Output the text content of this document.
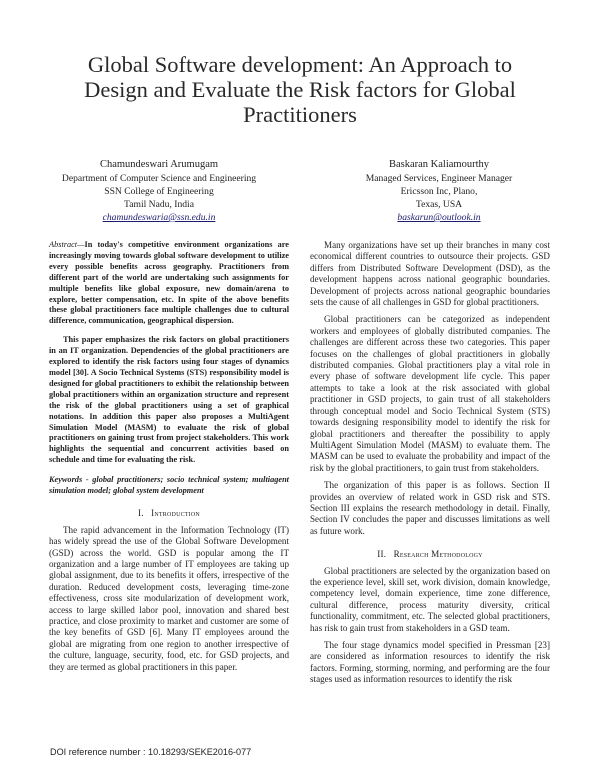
Global Software development: An Approach to
Design and Evaluate the Risk factors for Global
Practitioners
Chamundeswari Arumugam
Department of Computer Science and Engineering
SSN College of Engineering
Tamil Nadu, India
chamundeswaria@ssn.edu.in
Baskaran Kaliamourthy
Managed Services, Engineer Manager
Ericsson Inc, Plano,
Texas, USA
baskarun@outlook.in

Abstract—In today's competitive environment organizations are increasingly moving towards global software development to utilize every possible benefits across geography. Practitioners from different part of the world are undertaking such assignments for multiple benefits like global exposure, new domain/arena to explore, better compensation, etc. In spite of the above benefits these global practitioners face multiple challenges due to cultural difference, communication, geographical dispersion.

This paper emphasizes the risk factors on global practitioners in an IT organization. Dependencies of the global practitioners are explored to identify the risk factors using four stages of dynamics model [30]. A Socio Technical Systems (STS) responsibility model is designed for global practitioners to exhibit the relationship between global practitioners within an organization structure and represent the risk of the global practitioners using a set of graphical notations. In addition this paper also proposes a MultiAgent Simulation Model (MASM) to evaluate the risk of global practitioners on gaining trust from project stakeholders. This work highlights the sequential and concurrent activities based on schedule and time for evaluating the risk.

Keywords - global practitioners; socio technical system; multiagent simulation model; global system development

I. Introduction

The rapid advancement in the Information Technology (IT) has widely spread the use of the Global Software Development (GSD) across the world. GSD is popular among the IT organization and a large number of IT employees are taking up global assignment, due to its benefits it offers, irrespective of the duration. Reduced development costs, leveraging time-zone effectiveness, cross site modularization of development work, access to large skilled labor pool, innovation and shared best practice, and close proximity to market and customer are some of the key benefits of GSD [6]. Many IT employees around the global are migrating from one region to another irrespective of the culture, language, security, food, etc. for GSD projects, and they are termed as global practitioners in this paper.

Many organizations have set up their branches in many cost economical different countries to outsource their projects. GSD differs from Distributed Software Development (DSD), as the development happens across national geographic boundaries. Development of projects across national geographic boundaries sets the cause of all challenges in GSD for global practitioners.

Global practitioners can be categorized as independent workers and employees of globally distributed companies. The challenges are different across these two categories. This paper focuses on the challenges of global practitioners in globally distributed companies. Global practitioners play a vital role in every phase of software development life cycle. This paper attempts to take a look at the risk associated with global practitioner in GSD projects, to gain trust of all stakeholders through conceptual model and Socio Technical System (STS) towards designing responsibility model to identify the risk for global practitioners and thereafter the possibility to apply MultiAgent Simulation Model (MASM) to evaluate them. The MASM can be used to evaluate the probability and impact of the risk by the global practitioners, to gain trust from stakeholders.

The organization of this paper is as follows. Section II provides an overview of related work in GSD risk and STS. Section III explains the research methodology in detail. Finally, Section IV concludes the paper and discusses limitations as well as future work.

II. Research Methodology

Global practitioners are selected by the organization based on the experience level, skill set, work division, domain knowledge, competency level, domain experience, time zone difference, cultural difference, process maturity diversity, critical functionality, commitment, etc. The selected global practitioners, has risk to gain trust from stakeholders in a GSD team.

The four stage dynamics model specified in Pressman [23] are considered as information resources to identify the risk factors. Forming, storming, norming, and performing are the four stages used as information resources to identify the risk

DOI reference number : 10.18293/SEKE2016-077
